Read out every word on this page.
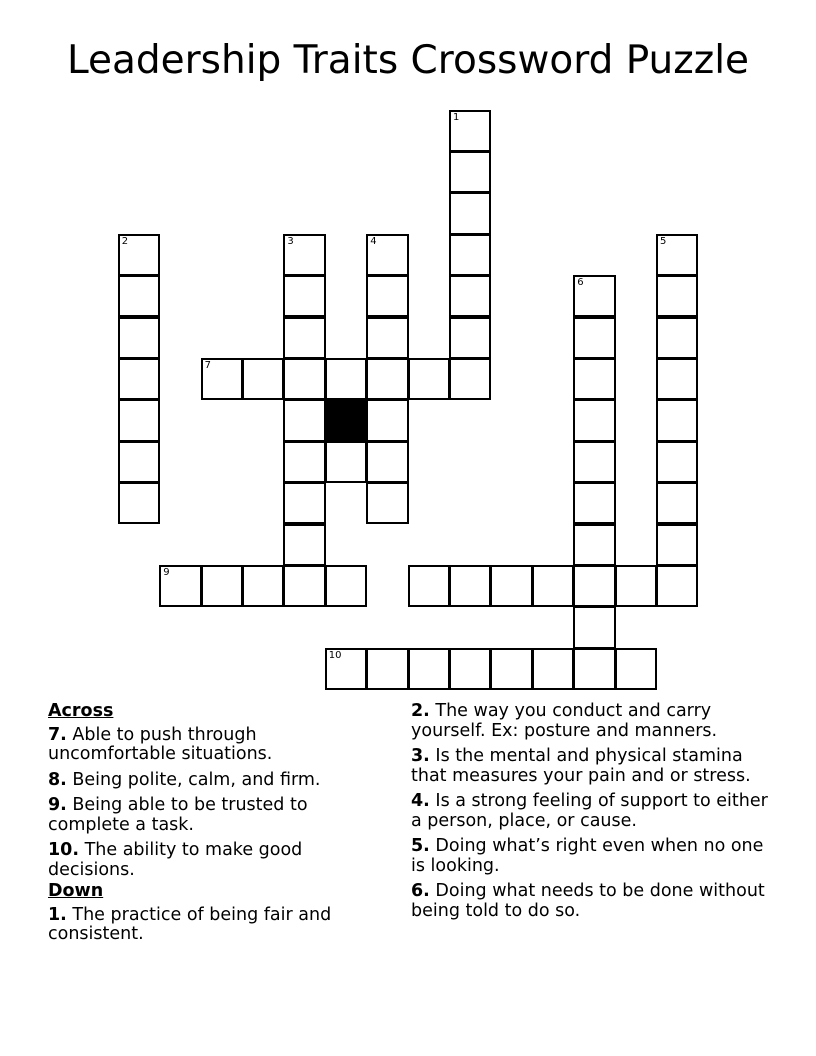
Leadership Traits Crossword Puzzle
1
2	3	4	5
6
7
9
10
Across
7. Able to push through uncomfortable situations.
8. Being polite, calm, and firm.
9. Being able to be trusted to complete a task.
10. The ability to make good decisions.
Down
1. The practice of being fair and consistent.
2. The way you conduct and carry yourself. Ex: posture and manners.
3. Is the mental and physical stamina that measures your pain and or stress.
4. Is a strong feeling of support to either a person, place, or cause.
5. Doing what’s right even when no one is looking.
6. Doing what needs to be done without being told to do so.
